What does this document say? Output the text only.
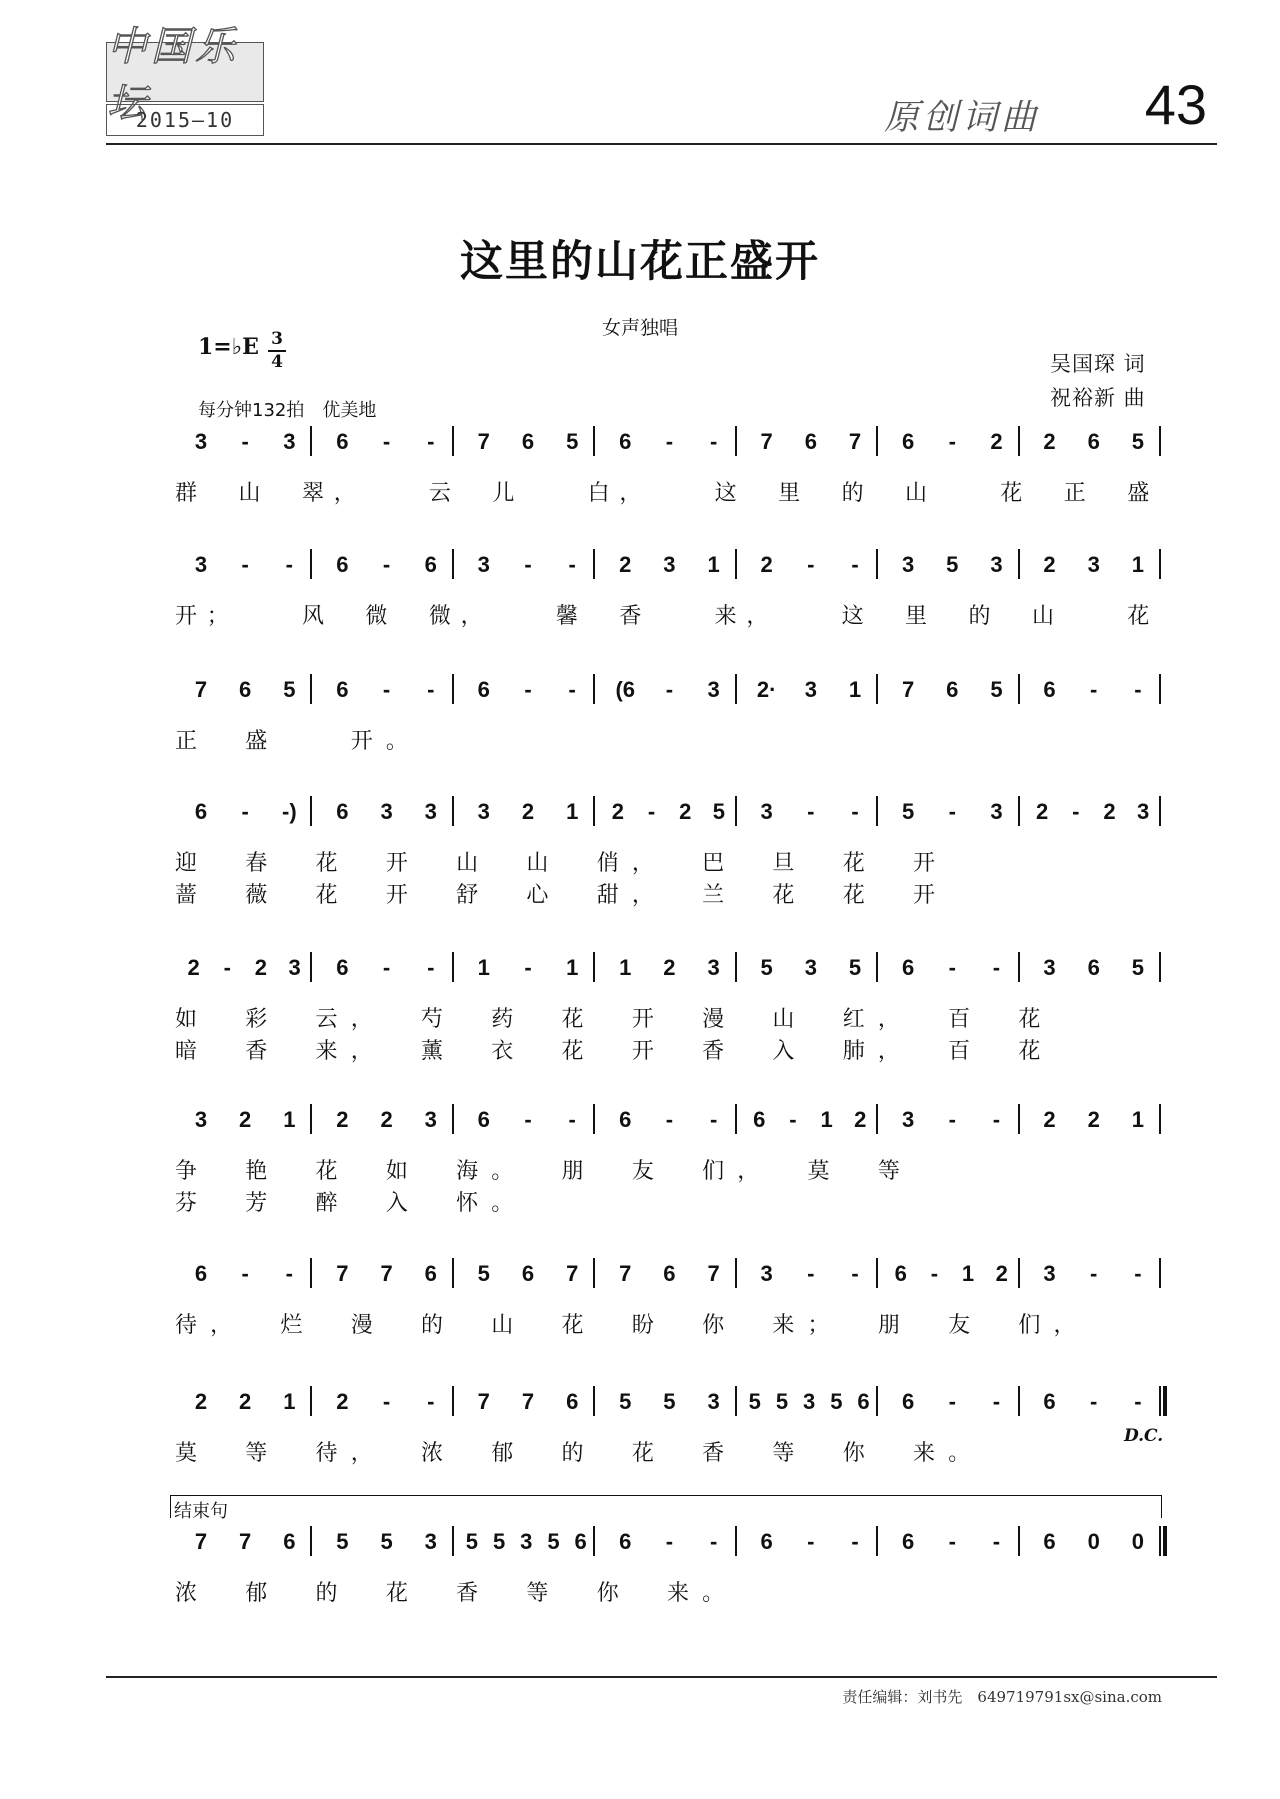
中国乐坛
2015—10	原创词曲 43
这里的山花正盛开
女声独唱
1=♭E 3
4
每分钟132拍　优美地
吴国琛 词
祝裕新 曲
3 - 3 6 - - 7 6 5 6 - - 7 6 7 6 - 2 2 6 5
群 山 翠 ，	云 儿	白 ，	这 里 的 山	花 正 盛
3 - - 6 - 6 3 - - 2 3 1 2 - - 3 5 3 2 3 1
开 ；	风 微 微 ，	馨 香	来 ，	这 里 的 山	花
7 6 5 6 - - 6 - - (6 - 3 2· 3 1 7 6 5 6 - -
正 盛	开 。
6 - -) 6 3 3 3 2 1 2 - 2 5 3 - - 5 - 3 2 - 2 3
迎 春 花 开 山 山 俏 ， 巴 旦 花 开
蔷 薇 花 开 舒 心 甜 ， 兰 花 花 开
2 - 2 3 6 - - 1 - 1 1 2 3 5 3 5 6 - - 3 6 5
如 彩 云 ， 芍 药 花 开 漫 山 红 ， 百 花
暗 香 来 ， 薰 衣 花 开 香 入 肺 ， 百 花
3 2 1 2 2 3 6 - - 6 - - 6 - 1 2 3 - - 2 2 1
争 艳 花 如 海 。 朋 友 们 ， 莫 等
芬 芳 醉 入 怀 。
6 - - 7 7 6 5 6 7 7 6 7 3 - - 6 - 1 2 3 - -
待 ， 烂 漫 的 山 花 盼 你 来 ； 朋 友 们 ，
2 2 1 2 - - 7 7 6 5 5 3 5 5 3 5 6 6 - - 6 - -
莫 等 待 ， 浓 郁 的 花 香 等 你 来 。
7 7 6 5 5 3 5 5 3 5 6 6 - - 6 - - 6 - - 6 0 0
浓 郁 的 花 香 等 你 来 。
D.C.
结束句
责任编辑：刘书先　649719791sx@sina.com
